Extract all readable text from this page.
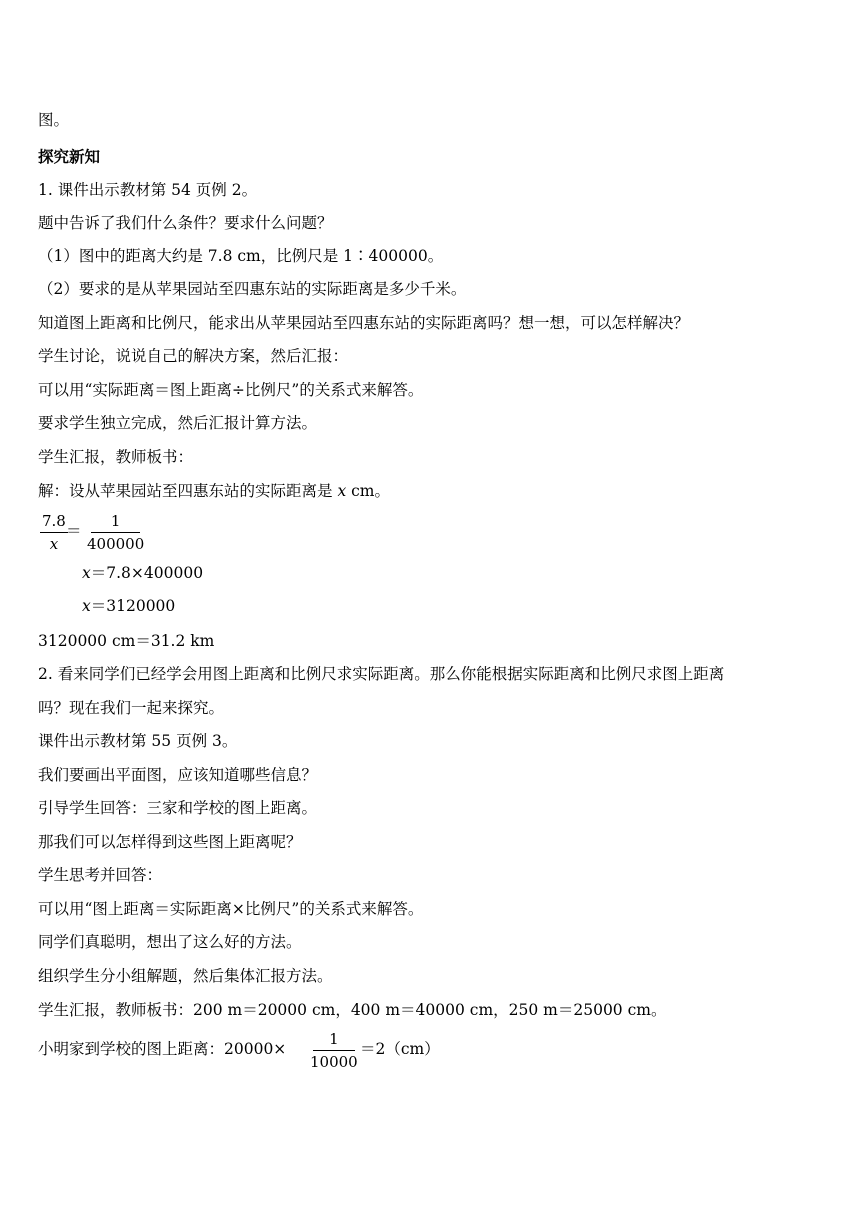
图。
探究新知
1. 课件出示教材第 54 页例 2。
题中告诉了我们什么条件？要求什么问题？
（1）图中的距离大约是 7.8 cm，比例尺是 1∶400000。
（2）要求的是从苹果园站至四惠东站的实际距离是多少千米。
知道图上距离和比例尺，能求出从苹果园站至四惠东站的实际距离吗？想一想，可以怎样解决？
学生讨论，说说自己的解决方案，然后汇报：
可以用“实际距离＝图上距离÷比例尺”的关系式来解答。
要求学生独立完成，然后汇报计算方法。
学生汇报，教师板书：
解：设从苹果园站至四惠东站的实际距离是 x cm。
$\frac{7.8}{x}$
＝ $\frac{1}{400000}$
x＝7.8×400000
x＝3120000
3120000 cm＝31.2 km
2. 看来同学们已经学会用图上距离和比例尺求实际距离。那么你能根据实际距离和比例尺求图上距离
吗？现在我们一起来探究。
课件出示教材第 55 页例 3。
我们要画出平面图，应该知道哪些信息？
引导学生回答：三家和学校的图上距离。
那我们可以怎样得到这些图上距离呢？
学生思考并回答：
可以用“图上距离＝实际距离×比例尺”的关系式来解答。
同学们真聪明，想出了这么好的方法。
组织学生分小组解题，然后集体汇报方法。
学生汇报，教师板书：200 m＝20000 cm，400 m＝40000 cm，250 m＝25000 cm。
小明家到学校的图上距离：$20000\times \frac{1}{10000} =2(cm)$
